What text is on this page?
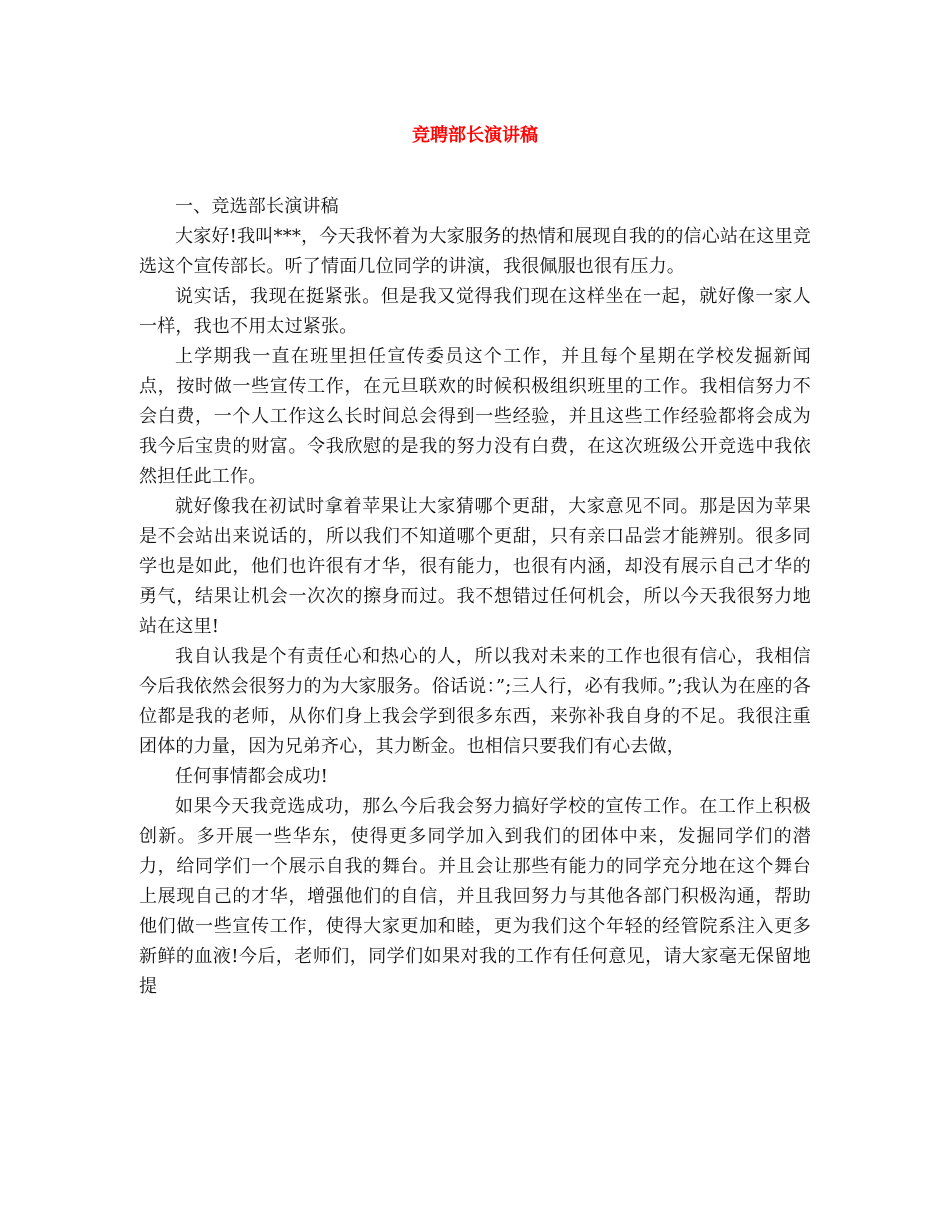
竞聘部长演讲稿

一、竞选部长演讲稿

大家好!我叫***，今天我怀着为大家服务的热情和展现自我的的信心站在这里竞选这个宣传部长。听了情面几位同学的讲演，我很佩服也很有压力。

说实话，我现在挺紧张。但是我又觉得我们现在这样坐在一起，就好像一家人一样，我也不用太过紧张。

上学期我一直在班里担任宣传委员这个工作，并且每个星期在学校发掘新闻点，按时做一些宣传工作，在元旦联欢的时候积极组织班里的工作。我相信努力不会白费，一个人工作这么长时间总会得到一些经验，并且这些工作经验都将会成为我今后宝贵的财富。令我欣慰的是我的努力没有白费，在这次班级公开竞选中我依然担任此工作。

就好像我在初试时拿着苹果让大家猜哪个更甜，大家意见不同。那是因为苹果是不会站出来说话的，所以我们不知道哪个更甜，只有亲口品尝才能辨别。很多同学也是如此，他们也许很有才华，很有能力，也很有内涵，却没有展示自己才华的勇气，结果让机会一次次的擦身而过。我不想错过任何机会，所以今天我很努力地站在这里!

我自认我是个有责任心和热心的人，所以我对未来的工作也很有信心，我相信今后我依然会很努力的为大家服务。俗话说：”;三人行，必有我师。”;我认为在座的各位都是我的老师，从你们身上我会学到很多东西，来弥补我自身的不足。我很注重团体的力量，因为兄弟齐心，其力断金。也相信只要我们有心去做，

任何事情都会成功!

如果今天我竞选成功，那么今后我会努力搞好学校的宣传工作。在工作上积极创新。多开展一些华东，使得更多同学加入到我们的团体中来，发掘同学们的潜力，给同学们一个展示自我的舞台。并且会让那些有能力的同学充分地在这个舞台上展现自己的才华，增强他们的自信，并且我回努力与其他各部门积极沟通，帮助他们做一些宣传工作，使得大家更加和睦，更为我们这个年轻的经管院系注入更多新鲜的血液!今后，老师们，同学们如果对我的工作有任何意见，请大家毫无保留地提
